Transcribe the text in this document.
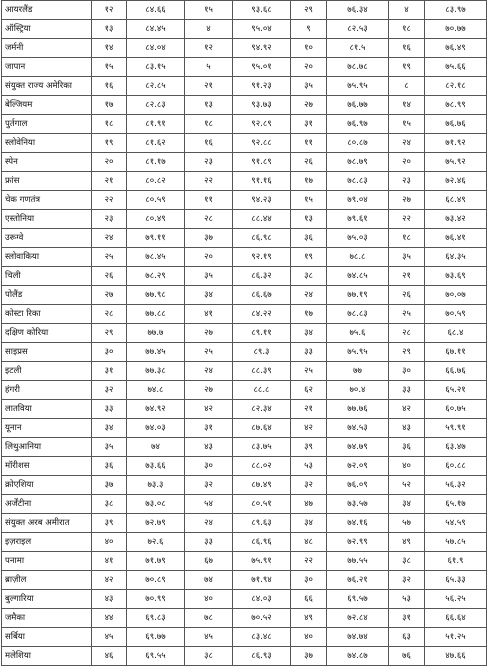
आयरलैंड	१२	८४.६६	१५	९३.६८	२९	७६.३४	४	८३.९७
ऑस्ट्रिया	१३	८४.४५	४	९५.०४	९	८२.५३	१८	७०.७७
जर्मनी	१४	८४.०४	१२	९४.९२	१०	८१.५	१६	७६.४९
जापान	१५	८३.१५	५	९५.०१	२०	७८.७८	१९	७५.६६
संयुक्त राज्य अमेरिका	१६	८२.८५	२१	९१.२३	३५	७५.९५	८	८२.१८
बेल्जियम	१७	८२.८३	१३	९३.७३	२७	७६.७७	१४	७८.९९
पुर्तगाल	१८	८१.९१	१८	९२.८९	३१	७६.९७	१५	७६.७६
स्लोवेनिया	१९	८१.६२	१६	९२.८८	११	८०.८७	२४	७१.९२
स्पेन	२०	८१.१७	२३	९१.८९	२६	७८.७९	२०	७५.९२
फ्रांस	२१	८०.८२	२२	९१.१६	१७	७८.८३	२३	७२.४६
चेक गणतंत्र	२२	८०.५९	११	९४.२३	१५	७९.०४	२७	६८.४९
एस्तोनिया	२३	८०.४९	२८	८८.४४	१३	७९.६१	२२	७३.४२
उरूग्वे	२४	७९.११	३७	८६.९८	३६	७५.०३	१८	७६.४१
स्लोवाकिया	२५	७८.४५	२०	९२.१९	१९	७८.८	३५	६४.३५
चिली	२६	७८.२९	३५	८६.३२	३८	७४.८५	२१	७३.६९
पोलैंड	२७	७७.९८	३४	८६.६७	२४	७७.१९	२६	७०.०७
कोस्टा रिका	२८	७७.८८	४१	८४.२२	१७	७८.८३	२५	७०.५९
दक्षिण कोरिया	२९	७७.७	२७	८९.११	३४	७५.६	२८	६८.४
साइप्रस	३०	७७.४५	२५	८९.३	३३	७५.९५	२९	६७.११
इटली	३१	७७.३८	२४	८८.३९	२५	७७	३०	६६.७६
हंगरी	३२	७४.८	२७	८८.८	६२	७०.४	३३	६५.२१
लातविया	३३	७४.९२	४२	८२.३४	२१	७७.७६	४२	६०.७५
यूनान	३४	७४.०३	३१	८७.६४	४२	७४.५३	४३	५९.९१
लिथुआनिया	३५	७४	४३	८३.७५	३९	७४.७९	३६	६३.४७
मॉरीशस	३६	७३.६६	३०	८८.०२	५३	७२.०९	४०	६०.८८
क्रोएशिया	३७	७३.३	३२	८७.४९	३२	७६.०९	५२	५६.३२
अर्जेंटीना	३८	७३.०८	५४	८०.५१	४७	७३.५७	३४	६५.१७
संयुक्त अरब अमीरात	३९	७२.७९	२४	८९.६३	३४	७४.१६	५७	५४.५९
इज़राइल	४०	७२.६	३३	८६.९६	४८	७२.९९	४९	५७.८५
पनामा	४१	७१.७९	६७	७५.९१	२२	७७.५५	३८	६१.९
ब्राज़ील	४२	७०.८९	७४	७१.९४	३०	७६.२१	३२	६५.३३
बुल्गारिया	४३	७०.९९	४०	८४.०३	६६	६९.५७	५३	५६.२५
जमैका	४४	६९.८३	७८	७०.५२	४९	७२.८४	३१	६६.६४
सर्बिया	४५	६९.७७	४५	८३.४८	४०	७४.७४	६३	५१.२५
मलेशिया	४६	६९.५५	३८	८६.९३	३७	७४.८७	७६	४७.६६
